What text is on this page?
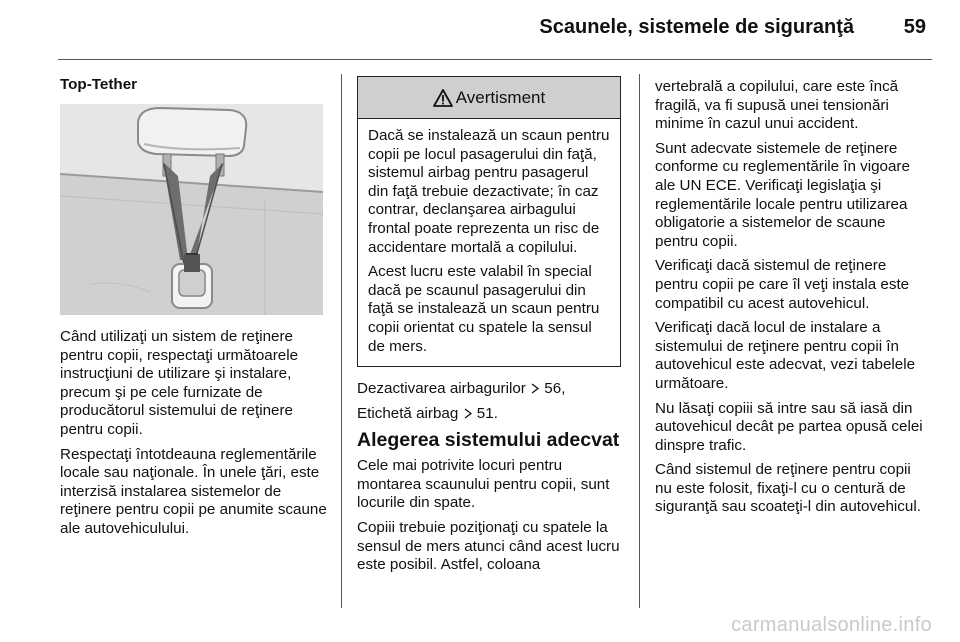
Scaunele, sistemele de siguranţă	59

Top-Tether

Când utilizaţi un sistem de reţinere pentru copii, respectaţi următoarele instrucţiuni de utilizare şi instalare, precum şi pe cele furnizate de producătorul sistemului de reţinere pentru copii.

Respectaţi întotdeauna reglementările locale sau naţionale. În unele ţări, este interzisă instalarea sistemelor de reţinere pentru copii pe anumite scaune ale autovehiculului.

Avertisment

Dacă se instalează un scaun pentru copii pe locul pasagerului din faţă, sistemul airbag pentru pasagerul din faţă trebuie dezactivate; în caz contrar, declanşarea airbagului frontal poate reprezenta un risc de accidentare mortală a copilului.

Acest lucru este valabil în special dacă pe scaunul pasagerului din faţă se instalează un scaun pentru copii orientat cu spatele la sensul de mers.

Dezactivarea airbagurilor 56,

Etichetă airbag 51.

Alegerea sistemului adecvat

Cele mai potrivite locuri pentru montarea scaunului pentru copii, sunt locurile din spate.

Copiii trebuie poziţionaţi cu spatele la sensul de mers atunci când acest lucru este posibil. Astfel, coloana

vertebrală a copilului, care este încă fragilă, va fi supusă unei tensionări minime în cazul unui accident.

Sunt adecvate sistemele de reţinere conforme cu reglementările în vigoare ale UN ECE. Verificaţi legislaţia şi reglementările locale pentru utilizarea obligatorie a sistemelor de scaune pentru copii.

Verificaţi dacă sistemul de reţinere pentru copii pe care îl veţi instala este compatibil cu acest autovehicul.

Verificaţi dacă locul de instalare a sistemului de reţinere pentru copii în autovehicul este adecvat, vezi tabelele următoare.

Nu lăsaţi copiii să intre sau să iasă din autovehicul decât pe partea opusă celei dinspre trafic.

Când sistemul de reţinere pentru copii nu este folosit, fixaţi-l cu o centură de siguranţă sau scoateţi-l din autovehicul.

carmanualsonline.info
